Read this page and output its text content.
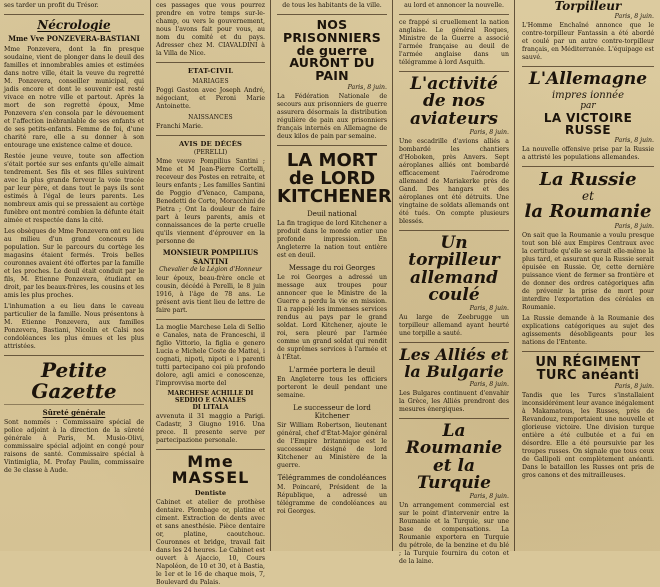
ses tarder un profit du Trésor.
Nécrologie
Mme Vve PONZEVERA-BASTIANI

Mme Ponzevera, dont la fin presque soudaine, vient de plonger dans le deuil des familles et innombrables amies et estimées dans notre ville, était la veuve du regretté M. Ponzevera, conseiller municipal, qui jadis encore et dont le souvenir est resté vivace en notre ville et partout. Après la mort de son regretté époux, Mme Ponzevera s'en consola par le dévouement et l'affection inébranlable de ses enfants et de ses petits-enfants. Femme de foi, d'une charité rare, elle a su donner à son entourage une existence calme et douce.

Restée jeune veuve, toute son affection s'était portée sur ses enfants qu'elle aimait tendrement. Ses fils et ses filles suivirent avec la plus grande ferveur la voie tracée par leur père, et dans tout le pays ils sont estimés à l'égal de leurs parents. Les nombreux amis qui se pressaient au cortège funèbre ont montré combien la défunte était aimée et respectée dans la cité.

Les obsèques de Mme Ponzevera ont eu lieu au milieu d'un grand concours de population. Sur le parcours du cortège les magasins étaient fermés. Trois belles couronnes avaient été offertes par la famille et les proches. Le deuil était conduit par le fils, M. Etienne Ponzevera, étudiant en droit, par les beaux-frères, les cousins et les amis les plus proches.

L'inhumation a eu lieu dans le caveau particulier de la famille. Nous présentons à M. Etienne Ponzevera, aux familles Ponzevera, Bastiani, Nicolin et Calsi nos condoléances les plus émues et les plus attristées.

Petite Gazette
Sûreté générale

Sont nommés : Commissaire spécial de police adjoint à la direction de la sûreté générale à Paris, M. Musio-Olivi, commissaire spécial adjoint en congé pour raisons de santé. Commissaire spécial à Vintimiglia, M. Profay Paulin, commissaire de 3e classe à Aude.

ces passages que vous pourrez prendre en votre temps sur-le-champ, ou vers le gouvernement, nous l'avons fait pour vous, au nom du comité et du pays. Adresser chez M. CIAVALDINI à la Villa de Nice.

ETAT-CIVIL
MARIAGES

Poggi Gaston avec Joseph André, négociant, et Peroni Marie Antoinette.

NAISSANCES

Franchi Marie.

AVIS DE DÉCÈS
(PERELLI)

Mme veuve Pompilius Santini ; Mme et M Jean-Pierre Cortelli, receveur des Postes en retraite, et leurs enfants ; Les familles Santini de Poggio d'Venaco, Campana, Benedetti de Corte, Moracchini de Pietra ; Ont la douleur de faire part à leurs parents, amis et connaissances de la perte cruelle qu'ils viennent d'éprouver en la personne de

MONSIEUR POMPILIUS SANTINI
Chevalier de la Légion d'Honneur

leur époux, beau-frère oncle et cousin, décédé à Perelli, le 8 juin 1916, à l'âge de 78 ans. Le présent avis tient lieu de lettre de faire part.

La moglie Marchese Lela di Sellio e Canales, nata de Franceschi, il figlio Vittorio, la figlia e genero Lucia e Michele Coste de Mattei, i cognati, nipoti, nipoti e i parenti tutti partecipano coi più profondo dolore, agli amici e conoscenze, l'improvvisa morte del

MARCHESE ACHILLE DI SEDDIO E CANALES
DI LITALA

avvenuta il 31 maggio a Parigi. Cadastr, 3 Giugno 1916. Una prece. Il presente serve per partecipazione personale.

Mme MASSEL
Dentiste

Cabinet et atelier de prothèse dentaire. Plombage or, platine et ciment. Extraction de dents avec et sans anesthésie. Pièce dentaire or, platine, caoutchouc. Couronnes et bridge, travail fait dans les 24 heures. Le Cabinet est ouvert à Ajaccio, 10, Cours Napoléon, de 10 et 30, et à Bastia, le 1er et le 16 de chaque mois, 7, Boulevard du Palais.

de tous les habitants de la ville.
NOS PRISONNIERS de guerre AURONT DU PAIN
Paris, 8 juin.

La Fédération Nationale de secours aux prisonniers de guerre assurera désormais la distribution régulière de pain aux prisonniers français internés en Allemagne de deux kilos de pain par semaine.

LA MORT de LORD KITCHENER
Deuil national

La fin tragique de lord Kitchener a produit dans le monde entier une profonde impression. En Angleterre la nation tout entière est en deuil.

Message du roi Georges

Le roi Georges a adressé un message aux troupes pour annoncer que le Ministre de la Guerre a perdu la vie en mission. Il a rappelé les immenses services rendus au pays par le grand soldat. Lord Kitchener, ajoute le roi, sera pleuré par l'armée comme un grand soldat qui rendit de suprêmes services à l'armée et à l'État.

L'armée portera le deuil

En Angleterre tous les officiers porteront le deuil pendant une semaine.

Le successeur de lord Kitchener

Sir William Robertson, lieutenant général, chef d'État-Major général de l'Empire britannique est le successeur désigné de lord Kitchener au Ministère de la guerre.

Télégrammes de condoléances

M. Poincaré, Président de la République, a adressé un télégramme de condoléances au roi Georges.

au lord et annoncer la nouvelle.

ce frappé si cruellement la nation anglaise. Le général Roques, Ministre de la Guerre a associé l'armée française au deuil de l'armée anglaise dans un télégramme à lord Asquith.

L'activité de nos aviateurs
Paris, 8 juin.

Une escadrille d'avions alliés a bombardé les chantiers d'Hoboken, près Anvers. Sept aéroplanes alliés ont bombardé efficacement l'aérodrome allemand de Mariakerke près de Gand. Des hangars et des aéroplanes ont été détruits. Une vingtaine de soldats allemands ont été tués. On compte plusieurs blessés.

Un torpilleur allemand coulé
Paris, 8 juin.

Au large de Zeebrugge un torpilleur allemand ayant heurté une torpille a sauté.

Les Alliés et la Bulgarie
Paris, 8 juin.

Les Bulgares continuent d'envahir la Grèce, les Alliés prendront des mesures énergiques.

La Roumanie et la Turquie
Paris, 8 juin.

Un arrangement commercial est sur le point d'intervenir entre la Roumanie et la Turquie, sur une base de compensations. La Roumanie exportera en Turquie du pétrole, de la benzine et du blé ; la Turquie fournira du coton et de la laine.

Torpilleur
Paris, 8 juin.

L'Homme Enchaîné annonce que le contre-torpilleur Fantassin a été abordé et coulé par un autre contre-torpilleur français, en Méditerranée. L'équipage est sauvé.

L'Allemagne
impres ionnée
par
LA VICTOIRE RUSSE
Paris, 8 juin.

La nouvelle offensive prise par la Russie a attristé les populations allemandes.

La Russie
et
la Roumanie
Paris, 8 juin.

On sait que la Roumanie a voulu presque tout son blé aux Empires Centraux avec la certitude qu'elle se serait elle-même la plus tard, et assurant que la Russie serait épuisée en Russie. Or, cette dernière puissance vient de fermer sa frontière et de donner des ordres catégoriques afin de prévenir la prise de mort pour interdire l'exportation des céréales en Roumanie.

La Russie demande à la Roumanie des explications catégoriques au sujet des agissements désobligeants pour les nations de l'Entente.

UN RÉGIMENT TURC anéanti
Paris, 8 juin.

Tandis que les Turcs s'installaient inconsidérément leur avance inégalement à Makamatous, les Russes, près de Revandouz, remportaient une nouvelle et glorieuse victoire. Une division turque entière a été culbutée et a fui en désordre. Elle a été poursuivie par les troupes russes. On signale que tous ceux de Gallipoli ont complètement anéanti. Dans le bataillon les Russes ont pris de gros canons et des mitrailleuses.
